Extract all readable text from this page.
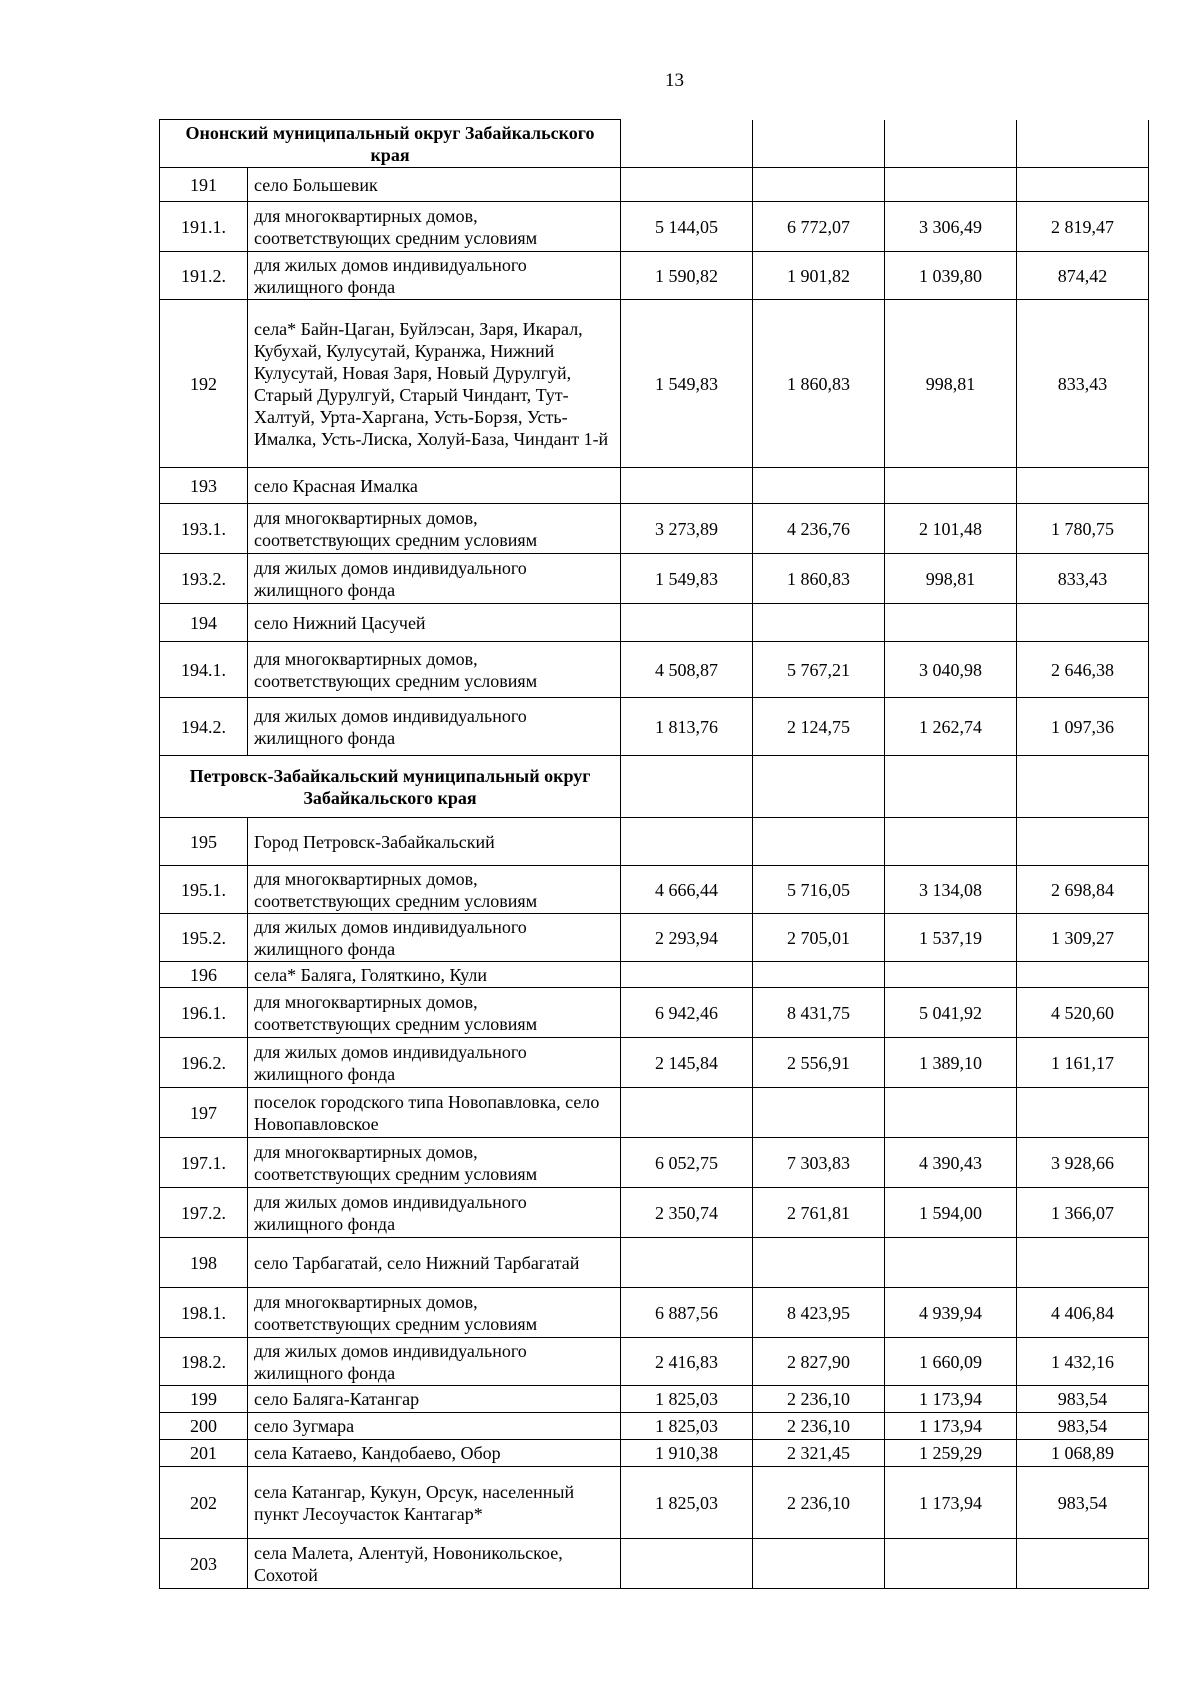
13
Ононский муниципальный округ Забайкальского края					
191	село Большевик				
191.1.	для многоквартирных домов, соответствующих средним условиям	5 144,05	6 772,07	3 306,49	2 819,47
191.2.	для жилых домов индивидуального жилищного фонда	1 590,82	1 901,82	1 039,80	874,42
192	села* Байн-Цаган, Буйлэсан, Заря, Икарал, Кубухай, Кулусутай, Куранжа, Нижний Кулусутай, Новая Заря, Новый Дурулгуй, Старый Дурулгуй, Старый Чиндант, Тут-Халтуй, Урта-Харгана, Усть-Борзя, Усть-Ималка, Усть-Лиска, Холуй-База, Чиндант 1-й	1 549,83	1 860,83	998,81	833,43
193	село Красная Ималка				
193.1.	для многоквартирных домов, соответствующих средним условиям	3 273,89	4 236,76	2 101,48	1 780,75
193.2.	для жилых домов индивидуального жилищного фонда	1 549,83	1 860,83	998,81	833,43
194	село Нижний Цасучей				
194.1.	для многоквартирных домов, соответствующих средним условиям	4 508,87	5 767,21	3 040,98	2 646,38
194.2.	для жилых домов индивидуального жилищного фонда	1 813,76	2 124,75	1 262,74	1 097,36
Петровск-Забайкальский муниципальный округ Забайкальского края					
195	Город Петровск-Забайкальский				
195.1.	для многоквартирных домов, соответствующих средним условиям	4 666,44	5 716,05	3 134,08	2 698,84
195.2.	для жилых домов индивидуального жилищного фонда	2 293,94	2 705,01	1 537,19	1 309,27
196	села* Баляга, Голяткино, Кули				
196.1.	для многоквартирных домов, соответствующих средним условиям	6 942,46	8 431,75	5 041,92	4 520,60
196.2.	для жилых домов индивидуального жилищного фонда	2 145,84	2 556,91	1 389,10	1 161,17
197	поселок городского типа Новопавловка, село Новопавловское				
197.1.	для многоквартирных домов, соответствующих средним условиям	6 052,75	7 303,83	4 390,43	3 928,66
197.2.	для жилых домов индивидуального жилищного фонда	2 350,74	2 761,81	1 594,00	1 366,07
198	село Тарбагатай, село Нижний Тарбагатай				
198.1.	для многоквартирных домов, соответствующих средним условиям	6 887,56	8 423,95	4 939,94	4 406,84
198.2.	для жилых домов индивидуального жилищного фонда	2 416,83	2 827,90	1 660,09	1 432,16
199	село Баляга-Катангар	1 825,03	2 236,10	1 173,94	983,54
200	село Зугмара	1 825,03	2 236,10	1 173,94	983,54
201	села Катаево, Кандобаево, Обор	1 910,38	2 321,45	1 259,29	1 068,89
202	села Катангар, Кукун, Орсук, населенный пункт Лесоучасток Кантагар*	1 825,03	2 236,10	1 173,94	983,54
203	села Малета, Алентуй, Новоникольское, Сохотой				
